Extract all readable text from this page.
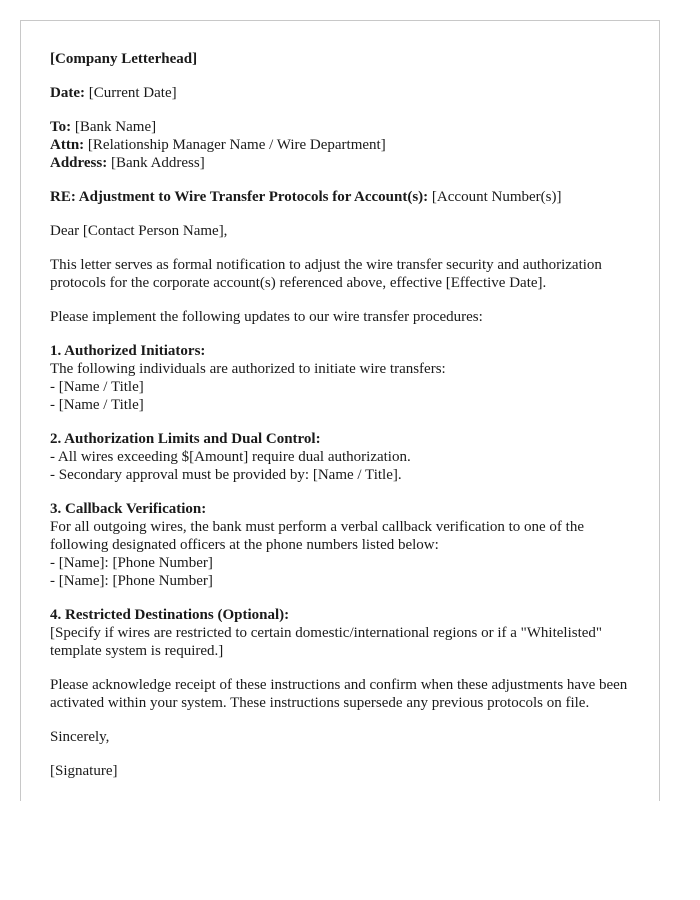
[Company Letterhead]

Date: [Current Date]

To: [Bank Name]
Attn: [Relationship Manager Name / Wire Department]
Address: [Bank Address]

RE: Adjustment to Wire Transfer Protocols for Account(s): [Account Number(s)]

Dear [Contact Person Name],

This letter serves as formal notification to adjust the wire transfer security and authorization protocols for the corporate account(s) referenced above, effective [Effective Date].

Please implement the following updates to our wire transfer procedures:

1. Authorized Initiators:
The following individuals are authorized to initiate wire transfers:
- [Name / Title]
- [Name / Title]

2. Authorization Limits and Dual Control:
- All wires exceeding $[Amount] require dual authorization.
- Secondary approval must be provided by: [Name / Title].

3. Callback Verification:
For all outgoing wires, the bank must perform a verbal callback verification to one of the following designated officers at the phone numbers listed below:
- [Name]: [Phone Number]
- [Name]: [Phone Number]

4. Restricted Destinations (Optional):
[Specify if wires are restricted to certain domestic/international regions or if a "Whitelisted" template system is required.]

Please acknowledge receipt of these instructions and confirm when these adjustments have been activated within your system. These instructions supersede any previous protocols on file.

Sincerely,

[Signature]
